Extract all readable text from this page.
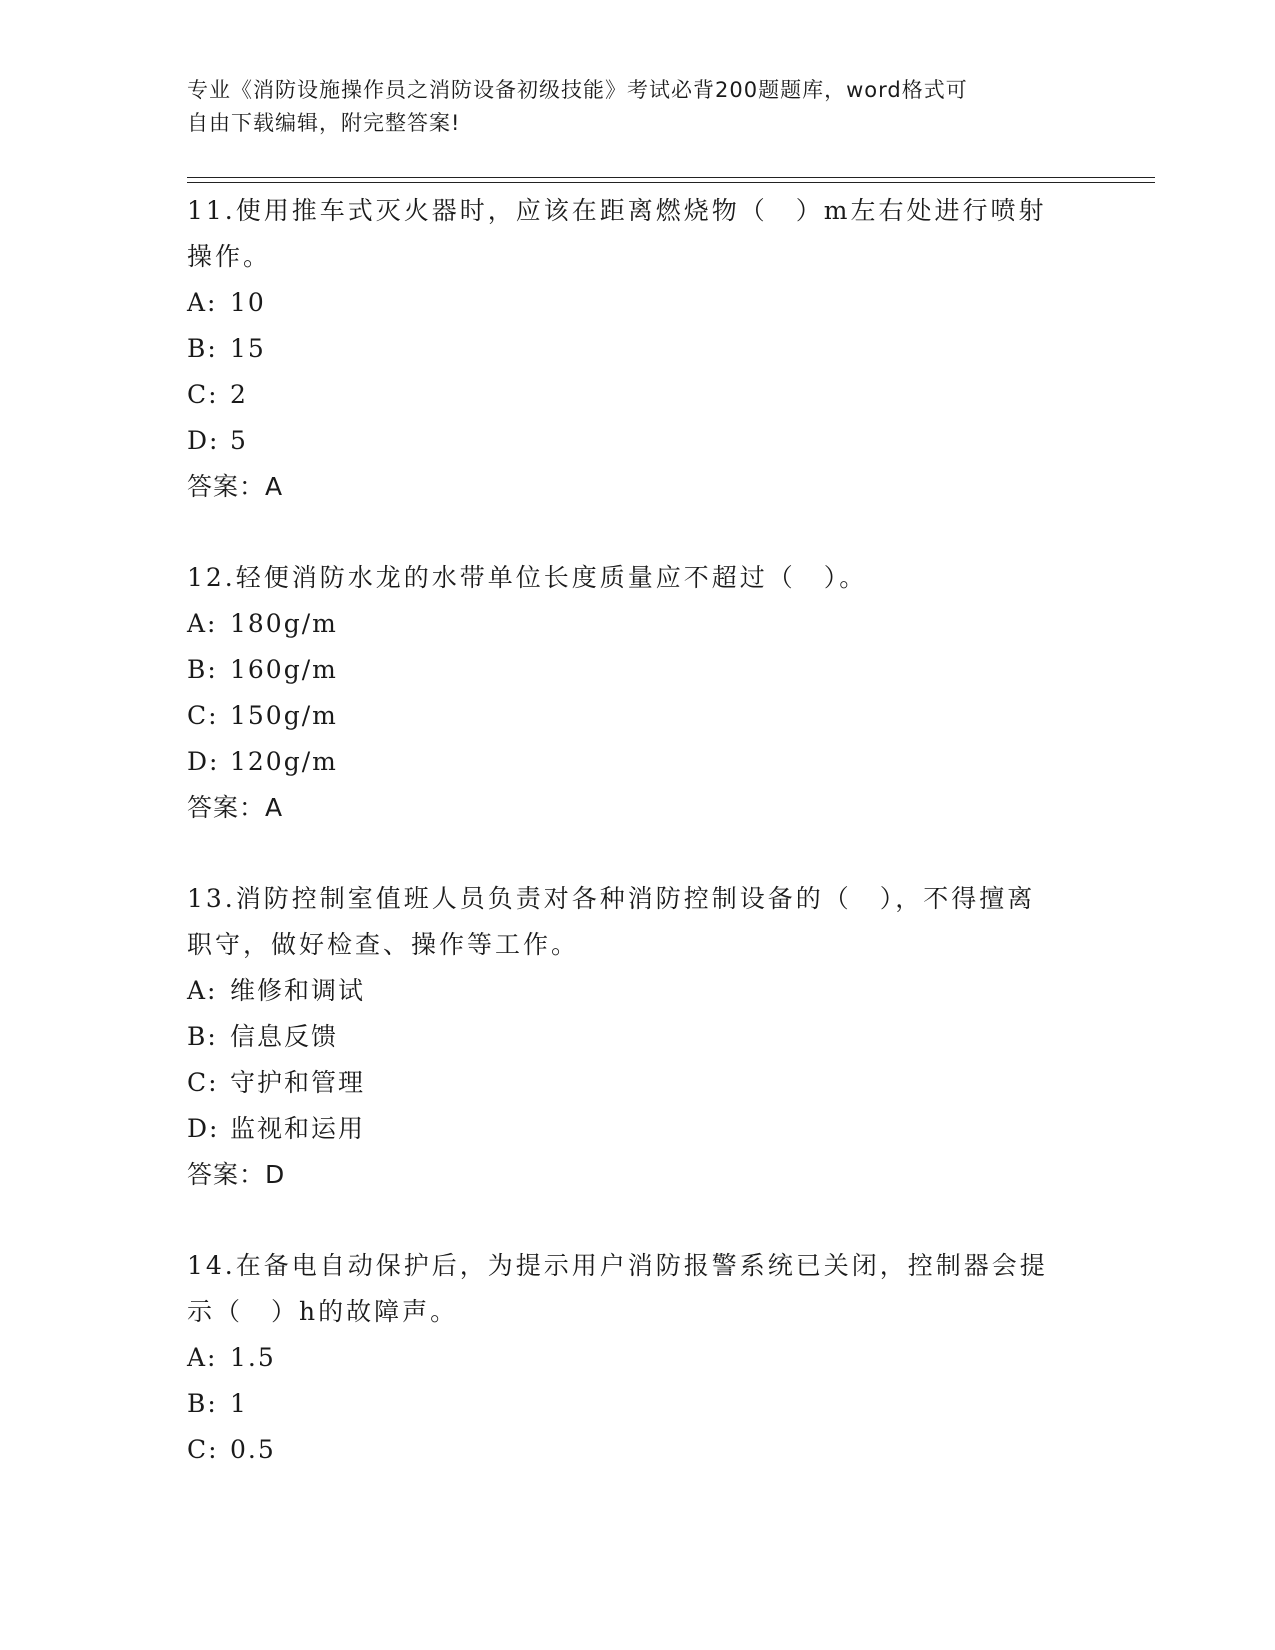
专业《消防设施操作员之消防设备初级技能》考试必背200题题库，word格式可
自由下载编辑，附完整答案!
11.使用推车式灭火器时，应该在距离燃烧物（　）m左右处进行喷射
操作。
A: 10
B: 15
C: 2
D: 5
答案：A
12.轻便消防水龙的水带单位长度质量应不超过（　）。
A: 180g/m
B: 160g/m
C: 150g/m
D: 120g/m
答案：A
13.消防控制室值班人员负责对各种消防控制设备的（　），不得擅离
职守，做好检查、操作等工作。
A: 维修和调试
B: 信息反馈
C: 守护和管理
D: 监视和运用
答案：D
14.在备电自动保护后，为提示用户消防报警系统已关闭，控制器会提
示（　）h的故障声。
A: 1.5
B: 1
C: 0.5
